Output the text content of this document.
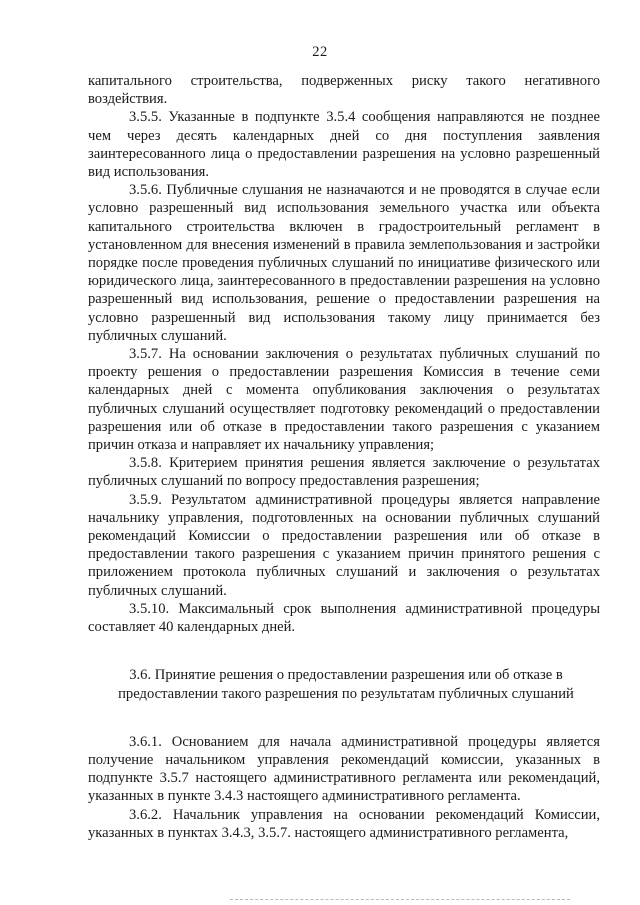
22

капитального строительства, подверженных риску такого негативного воздействия.

3.5.5. Указанные в подпункте 3.5.4 сообщения направляются не позднее чем через десять календарных дней со дня поступления заявления заинтересованного лица о предоставлении разрешения на условно разрешенный вид использования.

3.5.6. Публичные слушания не назначаются и не проводятся в случае если условно разрешенный вид использования земельного участка или объекта капитального строительства включен в градостроительный регламент в установленном для внесения изменений в правила землепользования и застройки порядке после проведения публичных слушаний по инициативе физического или юридического лица, заинтересованного в предоставлении разрешения на условно разрешенный вид использования, решение о предоставлении разрешения на условно разрешенный вид использования такому лицу принимается без публичных слушаний.

3.5.7. На основании заключения о результатах публичных слушаний по проекту решения о предоставлении разрешения Комиссия в течение семи календарных дней с момента опубликования заключения о результатах публичных слушаний осуществляет подготовку рекомендаций о предоставлении разрешения или об отказе в предоставлении такого разрешения с указанием причин отказа и направляет их начальнику управления;

3.5.8. Критерием принятия решения является заключение о результатах публичных слушаний по вопросу предоставления разрешения;

3.5.9. Результатом административной процедуры является направление начальнику управления, подготовленных на основании публичных слушаний рекомендаций Комиссии о предоставлении разрешения или об отказе в предоставлении такого разрешения с указанием причин принятого решения с приложением протокола публичных слушаний и заключения о результатах публичных слушаний.

3.5.10. Максимальный срок выполнения административной процедуры составляет 40 календарных дней.

3.6. Принятие решения о предоставлении разрешения или об отказе в предоставлении такого разрешения по результатам публичных слушаний

3.6.1. Основанием для начала административной процедуры является получение начальником управления рекомендаций комиссии, указанных в подпункте 3.5.7 настоящего административного регламента или рекомендаций, указанных в пункте 3.4.3 настоящего административного регламента.

3.6.2. Начальник управления на основании рекомендаций Комиссии, указанных в пунктах 3.4.3, 3.5.7. настоящего административного регламента,
